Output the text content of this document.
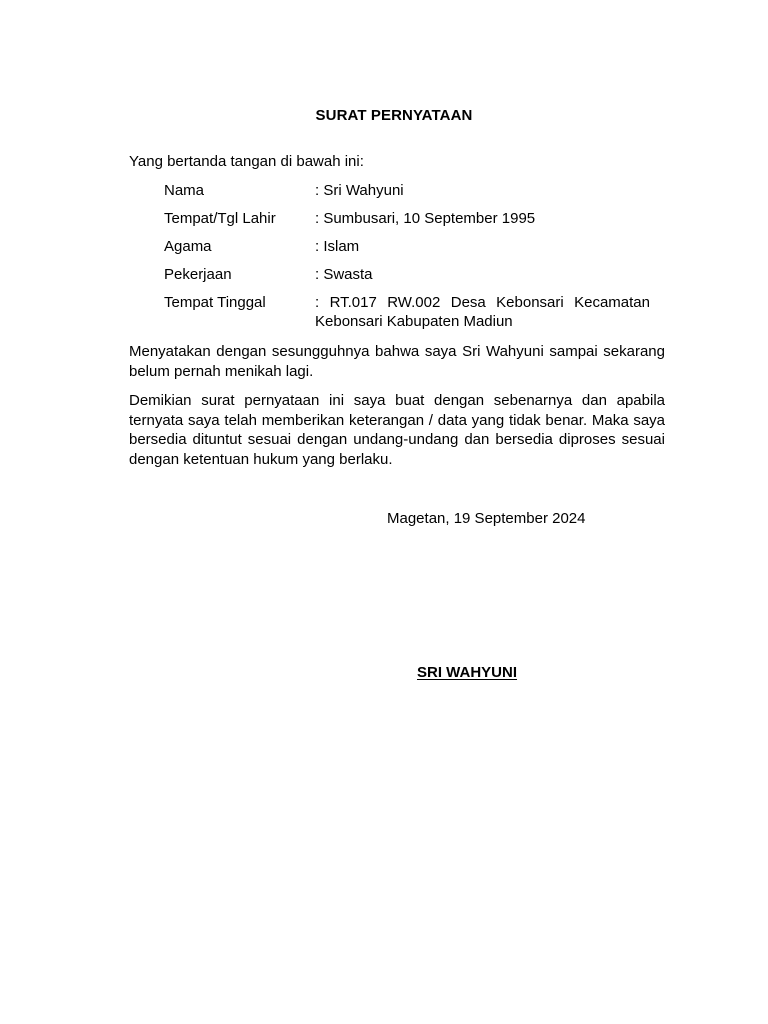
SURAT PERNYATAAN
Yang bertanda tangan di bawah ini:
Nama	: Sri Wahyuni
Tempat/Tgl Lahir	: Sumbusari, 10 September 1995
Agama	: Islam
Pekerjaan	: Swasta
Tempat Tinggal	: RT.017 RW.002 Desa Kebonsari Kecamatan Kebonsari Kabupaten Madiun
Menyatakan dengan sesungguhnya bahwa saya Sri Wahyuni sampai sekarang belum pernah menikah lagi.
Demikian surat pernyataan ini saya buat dengan sebenarnya dan apabila ternyata saya telah memberikan keterangan / data yang tidak benar. Maka saya bersedia dituntut sesuai dengan undang-undang dan bersedia diproses sesuai dengan ketentuan hukum yang berlaku.
Magetan, 19 September 2024
SRI WAHYUNI
